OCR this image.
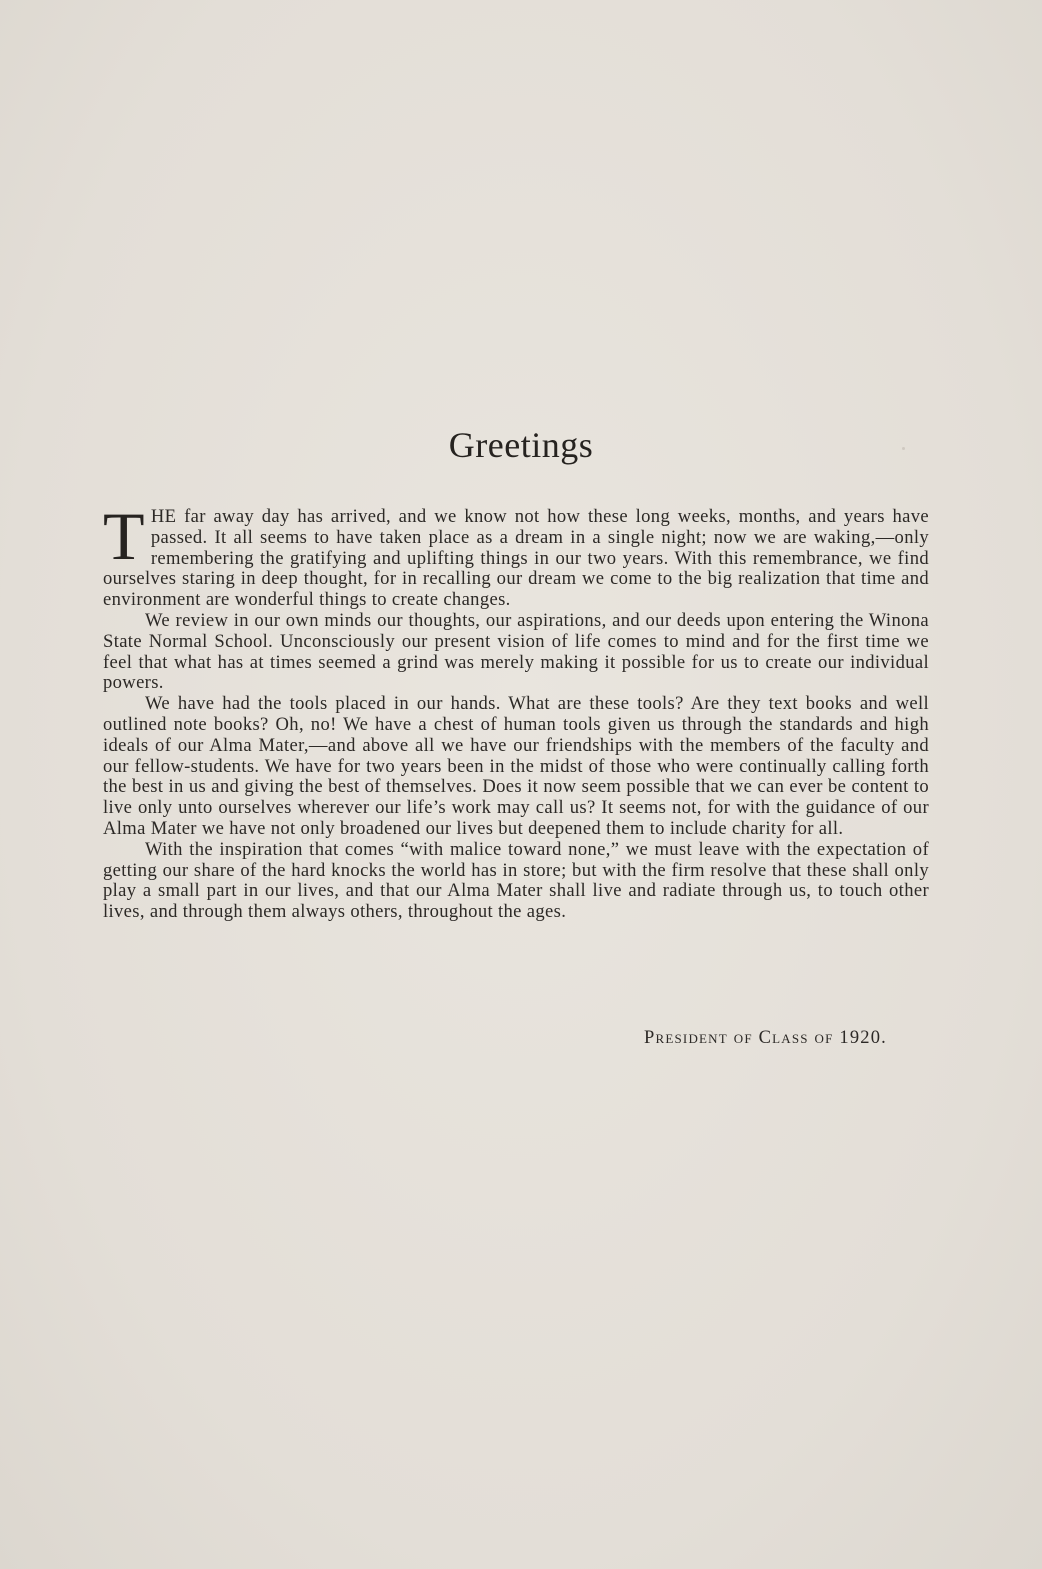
Greetings

THE far away day has arrived, and we know not how these long weeks, months, and years have passed. It all seems to have taken place as a dream in a single night; now we are waking,—only remembering the gratifying and uplifting things in our two years. With this remembrance, we find ourselves staring in deep thought, for in recalling our dream we come to the big realization that time and environment are wonderful things to create changes.

We review in our own minds our thoughts, our aspirations, and our deeds upon entering the Winona State Normal School. Unconsciously our present vision of life comes to mind and for the first time we feel that what has at times seemed a grind was merely making it possible for us to create our individual powers.

We have had the tools placed in our hands. What are these tools? Are they text books and well outlined note books? Oh, no! We have a chest of human tools given us through the standards and high ideals of our Alma Mater,—and above all we have our friendships with the members of the faculty and our fellow-students. We have for two years been in the midst of those who were continually calling forth the best in us and giving the best of themselves. Does it now seem possible that we can ever be content to live only unto ourselves wherever our life’s work may call us? It seems not, for with the guidance of our Alma Mater we have not only broadened our lives but deepened them to include charity for all.

With the inspiration that comes “with malice toward none,” we must leave with the expectation of getting our share of the hard knocks the world has in store; but with the firm resolve that these shall only play a small part in our lives, and that our Alma Mater shall live and radiate through us, to touch other lives, and through them always others, throughout the ages.

President of Class of 1920.
